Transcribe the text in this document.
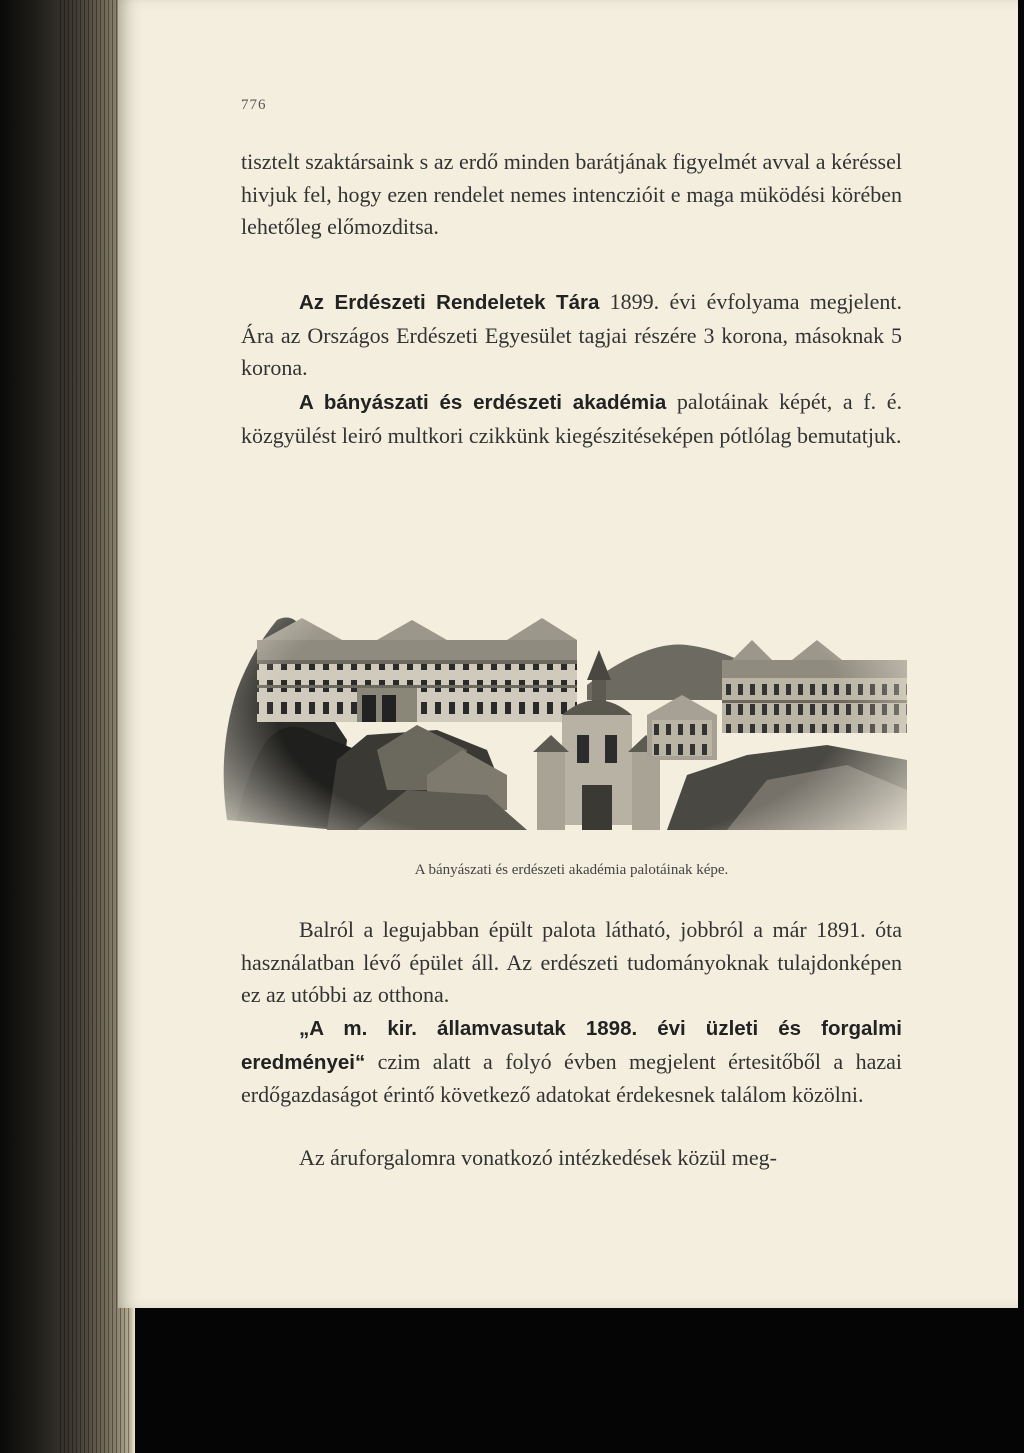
776

tisztelt szaktársaink s az erdő minden barátjának figyelmét avval a kéréssel hivjuk fel, hogy ezen rendelet nemes intenczióit e maga müködési körében lehetőleg előmozditsa.

Az Erdészeti Rendeletek Tára 1899. évi évfolyama megjelent. Ára az Országos Erdészeti Egyesület tagjai részére 3 korona, másoknak 5 korona.

A bányászati és erdészeti akadémia palotáinak képét, a f. é. közgyülést leiró multkori czikkünk kiegészitéseképen pótlólag bemutatjuk.

A bányászati és erdészeti akadémia palotáinak képe.

Balról a legujabban épült palota látható, jobbról a már 1891. óta használatban lévő épület áll. Az erdészeti tudományoknak tulajdonképen ez az utóbbi az otthona.

„A m. kir. államvasutak 1898. évi üzleti és forgalmi eredményei“ czim alatt a folyó évben megjelent értesitőből a hazai erdőgazdaságot érintő következő adatokat érdekesnek találom közölni.

Az áruforgalomra vonatkozó intézkedések közül meg-
